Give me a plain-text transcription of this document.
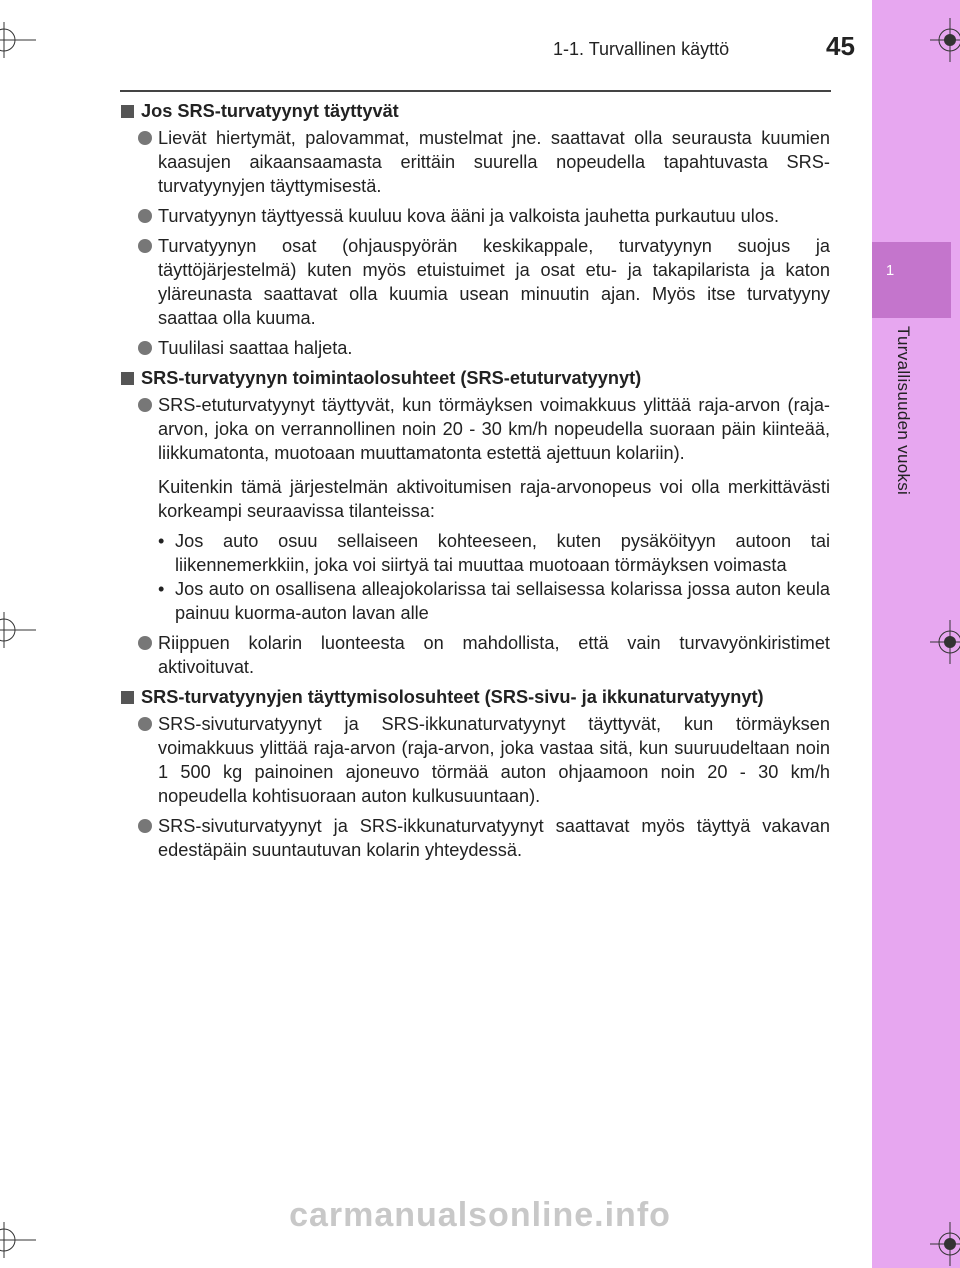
1
Turvallisuuden vuoksi
1-1. Turvallinen käyttö	45
Jos SRS-turvatyynyt täyttyvät
Lievät hiertymät, palovammat, mustelmat jne. saattavat olla seurausta kuumien kaasujen aikaansaamasta erittäin suurella nopeudella tapahtuvasta SRS-turvatyynyjen täyttymisestä.
Turvatyynyn täyttyessä kuuluu kova ääni ja valkoista jauhetta purkautuu ulos.
Turvatyynyn osat (ohjauspyörän keskikappale, turvatyynyn suojus ja täyttöjärjestelmä) kuten myös etuistuimet ja osat etu- ja takapilarista ja katon yläreunasta saattavat olla kuumia usean minuutin ajan. Myös itse turvatyyny saattaa olla kuuma.
Tuulilasi saattaa haljeta.
SRS-turvatyynyn toimintaolosuhteet (SRS-etuturvatyynyt)
SRS-etuturvatyynyt täyttyvät, kun törmäyksen voimakkuus ylittää raja-arvon (raja-arvon, joka on verrannollinen noin 20 - 30 km/h nopeudella suoraan päin kiinteää, liikkumatonta, muotoaan muuttamatonta estettä ajettuun kolariin).
Kuitenkin tämä järjestelmän aktivoitumisen raja-arvonopeus voi olla merkittävästi korkeampi seuraavissa tilanteissa:
• Jos auto osuu sellaiseen kohteeseen, kuten pysäköityyn autoon tai liikennemerkkiin, joka voi siirtyä tai muuttaa muotoaan törmäyksen voimasta
• Jos auto on osallisena alleajokolarissa tai sellaisessa kolarissa jossa auton keula painuu kuorma-auton lavan alle
Riippuen kolarin luonteesta on mahdollista, että vain turvavyönkiristimet aktivoituvat.
SRS-turvatyynyjen täyttymisolosuhteet (SRS-sivu- ja ikkunaturvatyynyt)
SRS-sivuturvatyynyt ja SRS-ikkunaturvatyynyt täyttyvät, kun törmäyksen voimakkuus ylittää raja-arvon (raja-arvon, joka vastaa sitä, kun suuruudeltaan noin 1 500 kg painoinen ajoneuvo törmää auton ohjaamoon noin 20 - 30 km/h nopeudella kohtisuoraan auton kulkusuuntaan).
SRS-sivuturvatyynyt ja SRS-ikkunaturvatyynyt saattavat myös täyttyä vakavan edestäpäin suuntautuvan kolarin yhteydessä.
carmanualsonline.info
